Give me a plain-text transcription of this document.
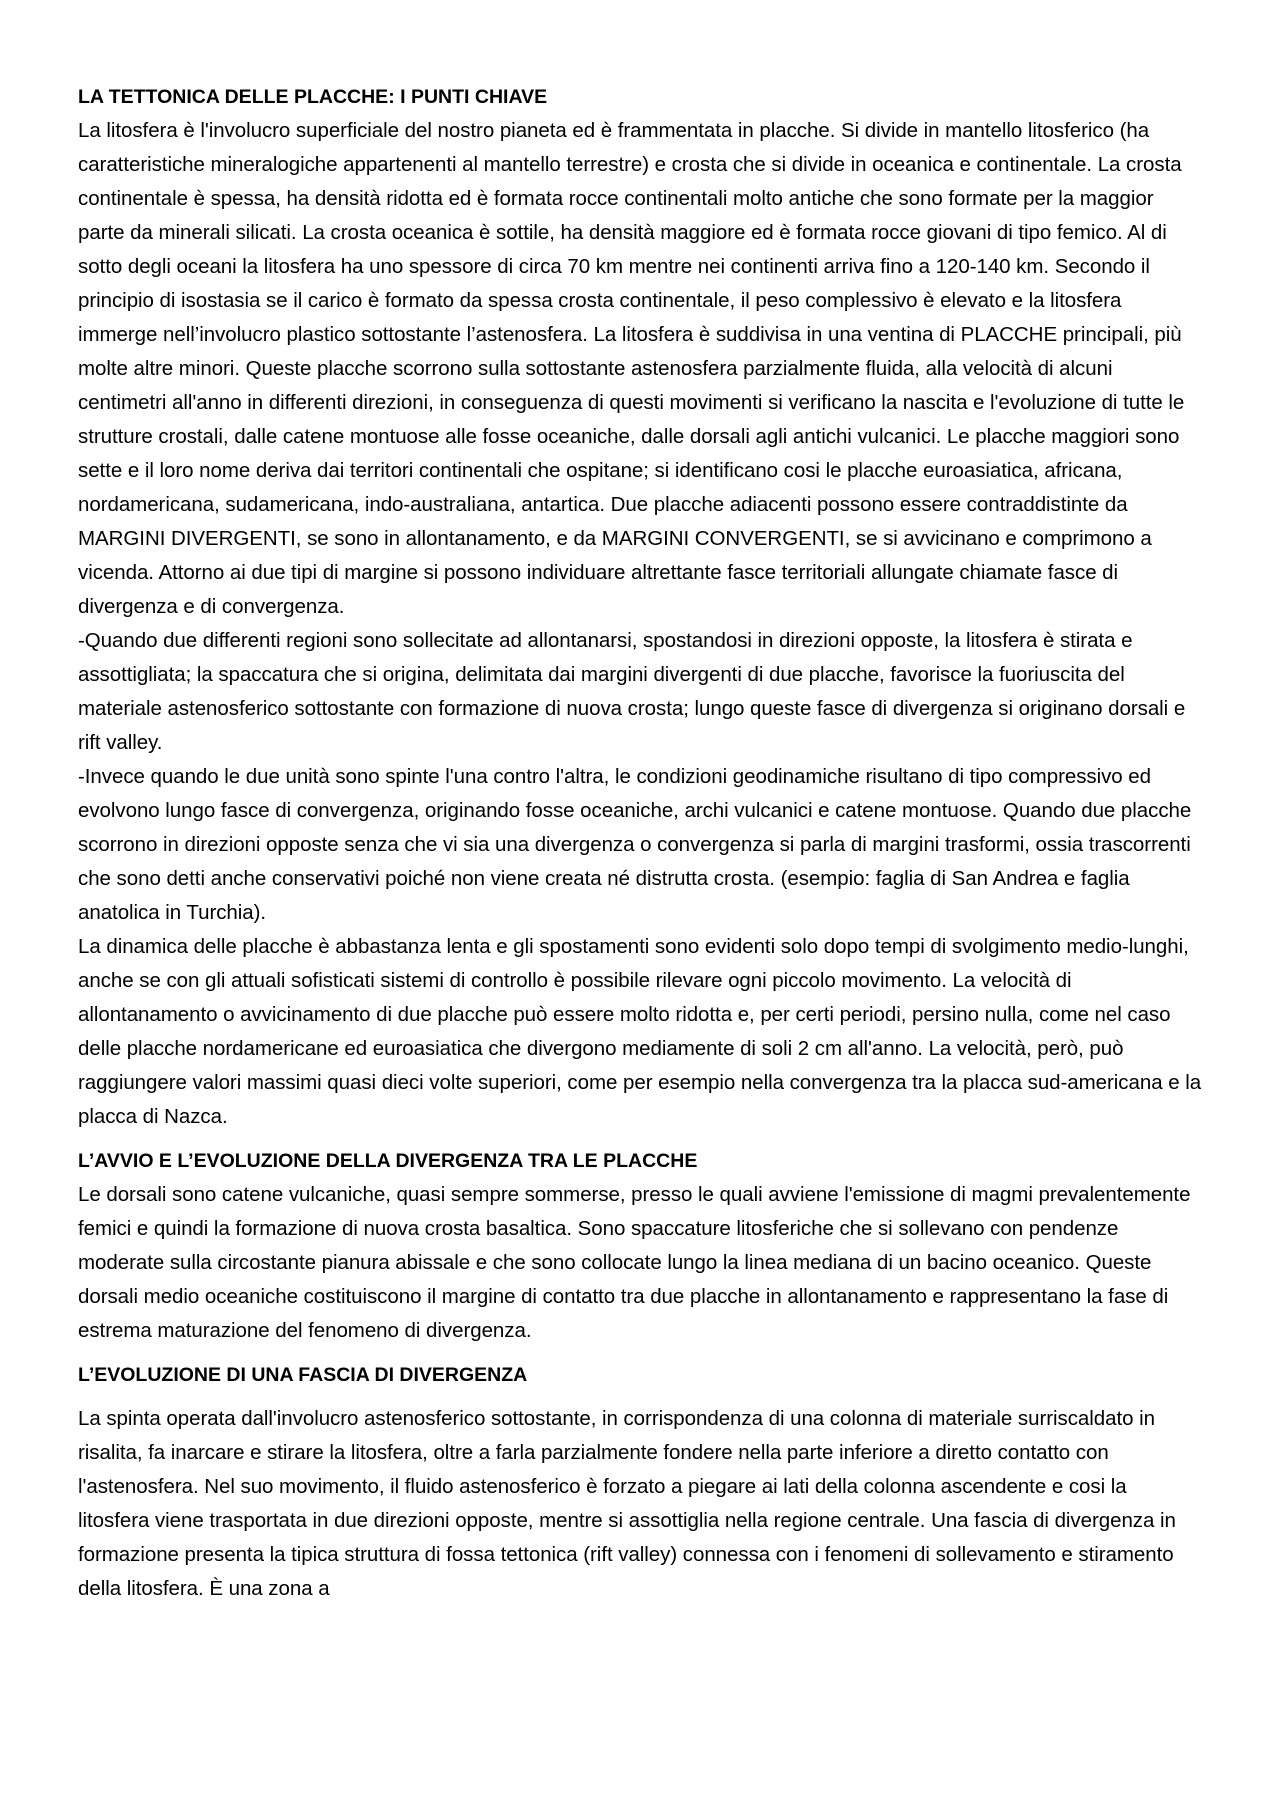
LA TETTONICA DELLE PLACCHE: I PUNTI CHIAVE

La litosfera è l'involucro superficiale del nostro pianeta ed è frammentata in placche. Si divide in mantello litosferico (ha caratteristiche mineralogiche appartenenti al mantello terrestre) e crosta che si divide in oceanica e continentale. La crosta continentale è spessa, ha densità ridotta ed è formata rocce continentali molto antiche che sono formate per la maggior parte da minerali silicati. La crosta oceanica è sottile, ha densità maggiore ed è formata rocce giovani di tipo femico. Al di sotto degli oceani la litosfera ha uno spessore di circa 70 km mentre nei continenti arriva fino a 120-140 km. Secondo il principio di isostasia se il carico è formato da spessa crosta continentale, il peso complessivo è elevato e la litosfera immerge nell’involucro plastico sottostante l’astenosfera. La litosfera è suddivisa in una ventina di PLACCHE principali, più molte altre minori. Queste placche scorrono sulla sottostante astenosfera parzialmente fluida, alla velocità di alcuni centimetri all'anno in differenti direzioni, in conseguenza di questi movimenti si verificano la nascita e l'evoluzione di tutte le strutture crostali, dalle catene montuose alle fosse oceaniche, dalle dorsali agli antichi vulcanici. Le placche maggiori sono sette e il loro nome deriva dai territori continentali che ospitane; si identificano cosi le placche euroasiatica, africana, nordamericana, sudamericana, indo-australiana, antartica. Due placche adiacenti possono essere contraddistinte da MARGINI DIVERGENTI, se sono in allontanamento, e da MARGINI CONVERGENTI, se si avvicinano e comprimono a vicenda. Attorno ai due tipi di margine si possono individuare altrettante fasce territoriali allungate chiamate fasce di divergenza e di convergenza.

-Quando due differenti regioni sono sollecitate ad allontanarsi, spostandosi in direzioni opposte, la litosfera è stirata e assottigliata; la spaccatura che si origina, delimitata dai margini divergenti di due placche, favorisce la fuoriuscita del materiale astenosferico sottostante con formazione di nuova crosta; lungo queste fasce di divergenza si originano dorsali e rift valley.

-Invece quando le due unità sono spinte l'una contro l'altra, le condizioni geodinamiche risultano di tipo compressivo ed evolvono lungo fasce di convergenza, originando fosse oceaniche, archi vulcanici e catene montuose. Quando due placche scorrono in direzioni opposte senza che vi sia una divergenza o convergenza si parla di margini trasformi, ossia trascorrenti che sono detti anche conservativi poiché non viene creata né distrutta crosta. (esempio: faglia di San Andrea e faglia anatolica in Turchia).

La dinamica delle placche è abbastanza lenta e gli spostamenti sono evidenti solo dopo tempi di svolgimento medio-lunghi, anche se con gli attuali sofisticati sistemi di controllo è possibile rilevare ogni piccolo movimento. La velocità di allontanamento o avvicinamento di due placche può essere molto ridotta e, per certi periodi, persino nulla, come nel caso delle placche nordamericane ed euroasiatica che divergono mediamente di soli 2 cm all'anno. La velocità, però, può raggiungere valori massimi quasi dieci volte superiori, come per esempio nella convergenza tra la placca sud-americana e la placca di Nazca.

L’AVVIO E L’EVOLUZIONE DELLA DIVERGENZA TRA LE PLACCHE

Le dorsali sono catene vulcaniche, quasi sempre sommerse, presso le quali avviene l'emissione di magmi prevalentemente femici e quindi la formazione di nuova crosta basaltica. Sono spaccature litosferiche che si sollevano con pendenze moderate sulla circostante pianura abissale e che sono collocate lungo la linea mediana di un bacino oceanico. Queste dorsali medio oceaniche costituiscono il margine di contatto tra due placche in allontanamento e rappresentano la fase di estrema maturazione del fenomeno di divergenza.

L’EVOLUZIONE DI UNA FASCIA DI DIVERGENZA

La spinta operata dall'involucro astenosferico sottostante, in corrispondenza di una colonna di materiale surriscaldato in risalita, fa inarcare e stirare la litosfera, oltre a farla parzialmente fondere nella parte inferiore a diretto contatto con l'astenosfera. Nel suo movimento, il fluido astenosferico è forzato a piegare ai lati della colonna ascendente e cosi la litosfera viene trasportata in due direzioni opposte, mentre si assottiglia nella regione centrale. Una fascia di divergenza in formazione presenta la tipica struttura di fossa tettonica (rift valley) connessa con i fenomeni di sollevamento e stiramento della litosfera. È una zona a
